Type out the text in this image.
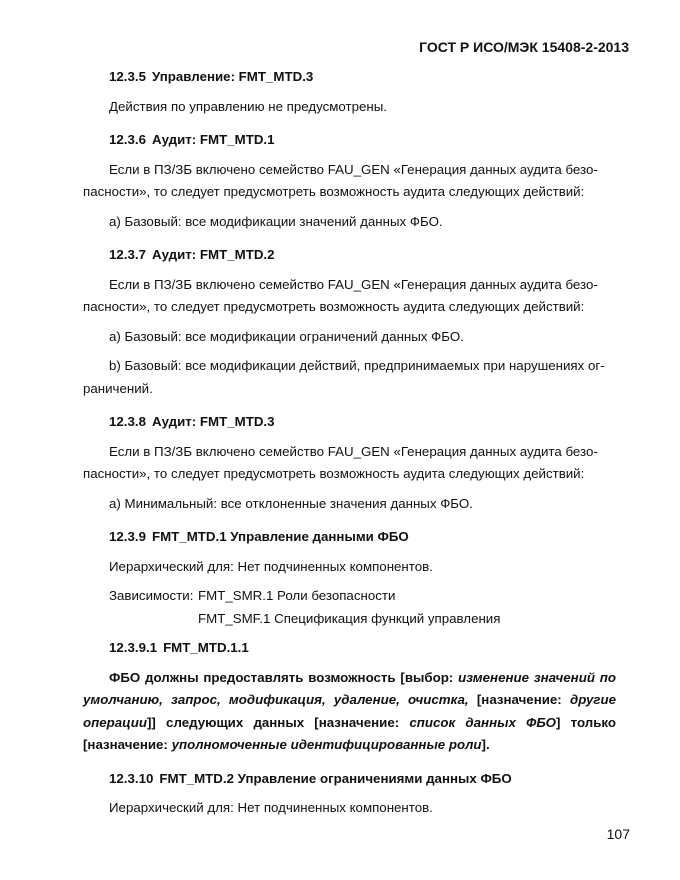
ГОСТ Р ИСО/МЭК 15408-2-2013
12.3.5 Управление: FMT_MTD.3

Действия по управлению не предусмотрены.

12.3.6 Аудит: FMT_MTD.1

Если в ПЗ/ЗБ включено семейство FAU_GEN «Генерация данных аудита безо-

пасности», то следует предусмотреть возможность аудита следующих действий:

а) Базовый: все модификации значений данных ФБО.

12.3.7 Аудит: FMT_MTD.2

Если в ПЗ/ЗБ включено семейство FAU_GEN «Генерация данных аудита безо-

пасности», то следует предусмотреть возможность аудита следующих действий:

а) Базовый: все модификации ограничений данных ФБО.

b) Базовый: все модификации действий, предпринимаемых при нарушениях ог-

раничений.

12.3.8 Аудит: FMT_MTD.3

Если в ПЗ/ЗБ включено семейство FAU_GEN «Генерация данных аудита безо-

пасности», то следует предусмотреть возможность аудита следующих действий:

а) Минимальный: все отклоненные значения данных ФБО.

12.3.9 FMT_MTD.1 Управление данными ФБО

Иерархический для: Нет подчиненных компонентов.

Зависимости: FMT_SMR.1 Роли безопасности
FMT_SMF.1 Спецификация функций управления
12.3.9.1 FMT_MTD.1.1

ФБО должны предоставлять возможность [выбор: изменение значений по умолчанию, запрос, модификация, удаление, очистка, [назначение: другие операции]] следующих данных [назначение: список данных ФБО] только [назначение: уполномоченные идентифицированные роли].

12.3.10 FMT_MTD.2 Управление ограничениями данных ФБО

Иерархический для: Нет подчиненных компонентов.

107
